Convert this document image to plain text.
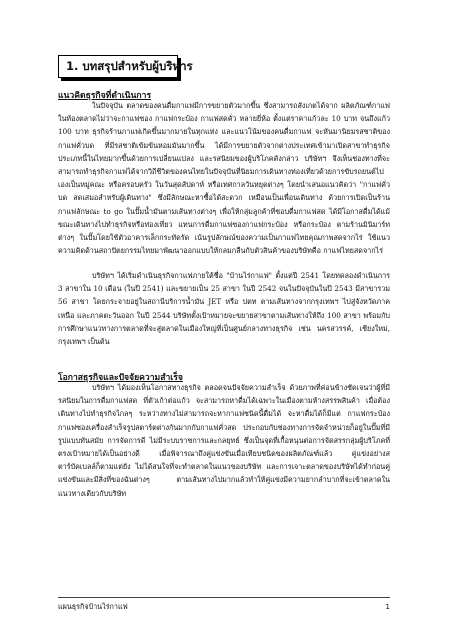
1. บทสรุปสำหรับผู้บริหาร
แนวคิดธุรกิจที่ดำเนินการ

ในปัจจุบัน ตลาดของคนดื่มกาแฟมีการขยายตัวมากขึ้น ซึ่งสามารถสังเกตได้จาก ผลิตภัณฑ์กาแฟในท้องตลาดไม่ว่าจะกาแฟซอง กาแฟกระป๋อง กาแฟสดคั่ว หลายยี่ห้อ ตั้งแต่ราคาแก้วละ 10 บาท จนถึงแก้ว 100 บาท ธุรกิจร้านกาแฟเกิดขึ้นมากมายในทุกแห่ง และแนวโน้มของคนดื่มกาแฟ จะหันมานิยมรสชาติของกาแฟคั่วบด ที่มีรสชาติเข้มข้นหอมมันมากขึ้น ได้มีการขยายตัวจากต่างประเทศเข้ามาเปิดสาขาทำธุรกิจประเภทนี้ในไทยมากขึ้นด้วยการเปลี่ยนแปลง และรสนิยมของผู้บริโภคดังกล่าว บริษัทฯ จึงเห็นช่องทางที่จะสามารถทำธุรกิจกาแฟได้จากวิถีชีวิตของคนไทยในปัจจุบันที่นิยมการเดินทางท่องเที่ยวด้วยการขับรถยนต์ไปเองเป็นหมู่คณะ หรือครอบครัว ในวันสุดสัปดาห์ หรือเทศกาลวันหยุดต่างๆ โดยนำเสนอแนวคิดว่า "กาแฟคั่วบด สดเสมอสำหรับผู้เดินทาง" ซึ่งมีลักษณะหาซื้อได้สะดวก เหมือนเป็นเพื่อนเดินทาง ด้วยการเปิดเป็นร้านกาแฟลักษณะ to go ในปั๊มน้ำมันตามเส้นทางต่างๆ เพื่อให้กลุ่มลูกค้าที่ชอบดื่มกาแฟสด ได้มีโอกาสดื่มได้แม้ ขณะเดินทางไปทำธุรกิจหรือท่องเที่ยว แทนการดื่มกาแฟซองกาแฟกระป๋อง หรือกระป๋อง ตามร้านมินิมาร์ทต่างๆ ในปั๊มโดยใช้ตัวอาคารเล็กกระทัดรัด เน้นรูปลักษณ์ของความเป็นกาแฟไทยคุณภาพสดจากไร่ ใช้แนวความคิดด้านสถาปัตยกรรมไทยมาพัฒนาออกแบบให้กลมกลืนกับตัวสินค้าของบริษัทคือ กาแฟไทยสดจากไร่

บริษัทฯ ได้เริ่มดำเนินธุรกิจกาแฟภายใต้ชื่อ "บ้านไร่กาแฟ" ตั้งแต่ปี 2541 โดยทดลองดำเนินการ 3 สาขาใน 10 เดือน (ในปี 2541) และขยายเป็น 25 สาขา ในปี 2542 จนในปัจจุบันในปี 2543 มีสาขารวม 56 สาขา โดยกระจายอยู่ในสถานีบริการน้ำมัน JET หรือ ปตท ตามเส้นทางจากกรุงเทพฯ ไปสู่จังหวัดภาคเหนือ และภาคตะวันออก ในปี 2544 บริษัทตั้งเป้าหมายจะขยายสาขาตามเส้นทางให้ถึง 100 สาขา พร้อมกับการศึกษาแนวทางการตลาดที่จะสู่ตลาดในเมืองใหญ่ที่เป็นศูนย์กลางทางธุรกิจ เช่น นครสวรรค์, เชียงใหม่, กรุงเทพฯ เป็นต้น

โอกาสธุรกิจและปัจจัยความสำเร็จ

บริษัทฯ ได้มองเห็นโอกาสทางธุรกิจ ตลอดจนปัจจัยความสำเร็จ ด้วยภาพที่ค่อนข้างชัดเจนว่าผู้ที่มีรสนิยมในการดื่มกาแฟสด ที่ตัวเก้าต่อแก้ว จะสามารถหาดื่มได้เฉพาะในเมืองตามห้างสรรพสินค้า เมื่อต้องเดินทางไปทำธุรกิจไกลๆ ระหว่างทางไม่สามารถจะหากาแฟชนิดนี้ดื่มได้ จะหาดื่มได้ก็มีแต่ กาแฟกระป๋อง กาแฟซองเครื่องสำเร็จรูปสตาร์ตต่างกันมากกับกาแฟคั่วสด ประกอบกับช่องทางการจัดจำหน่ายก็อยู่ในปั๊มที่มีรูปแบบทันสมัย การจัดการดี ไม่มีระบบราชการและกลยุทธ์ ซึ่งเป็นจุดที่เกื้อหนุนต่อการจัดสรรกลุ่มผู้บริโภคที่ตรงเป้าหมายได้เป็นอย่างดี เมื่อพิจารณาถึงคู่แข่งขันเมื่อเทียบชนิดของผลิตภัณฑ์แล้ว คู่แข่งอย่างสตาร์บัคเบลล์ก็ตามแต่ยัง ไม่ได้สนใจที่จะทำตลาดในแนวของบริษัท และการเจาะตลาดของบริษัทได้ทำก่อนคู่แข่งขันและมีสิ่งที่ของฉันต่างๆ ตามเส้นทางไปมากแล้วทำให้คู่แข่งมีความยากลำบากที่จะเข้าตลาดในแนวทางเดียวกับบริษัท

แผนธุรกิจบ้านไร่กาแฟ	1
